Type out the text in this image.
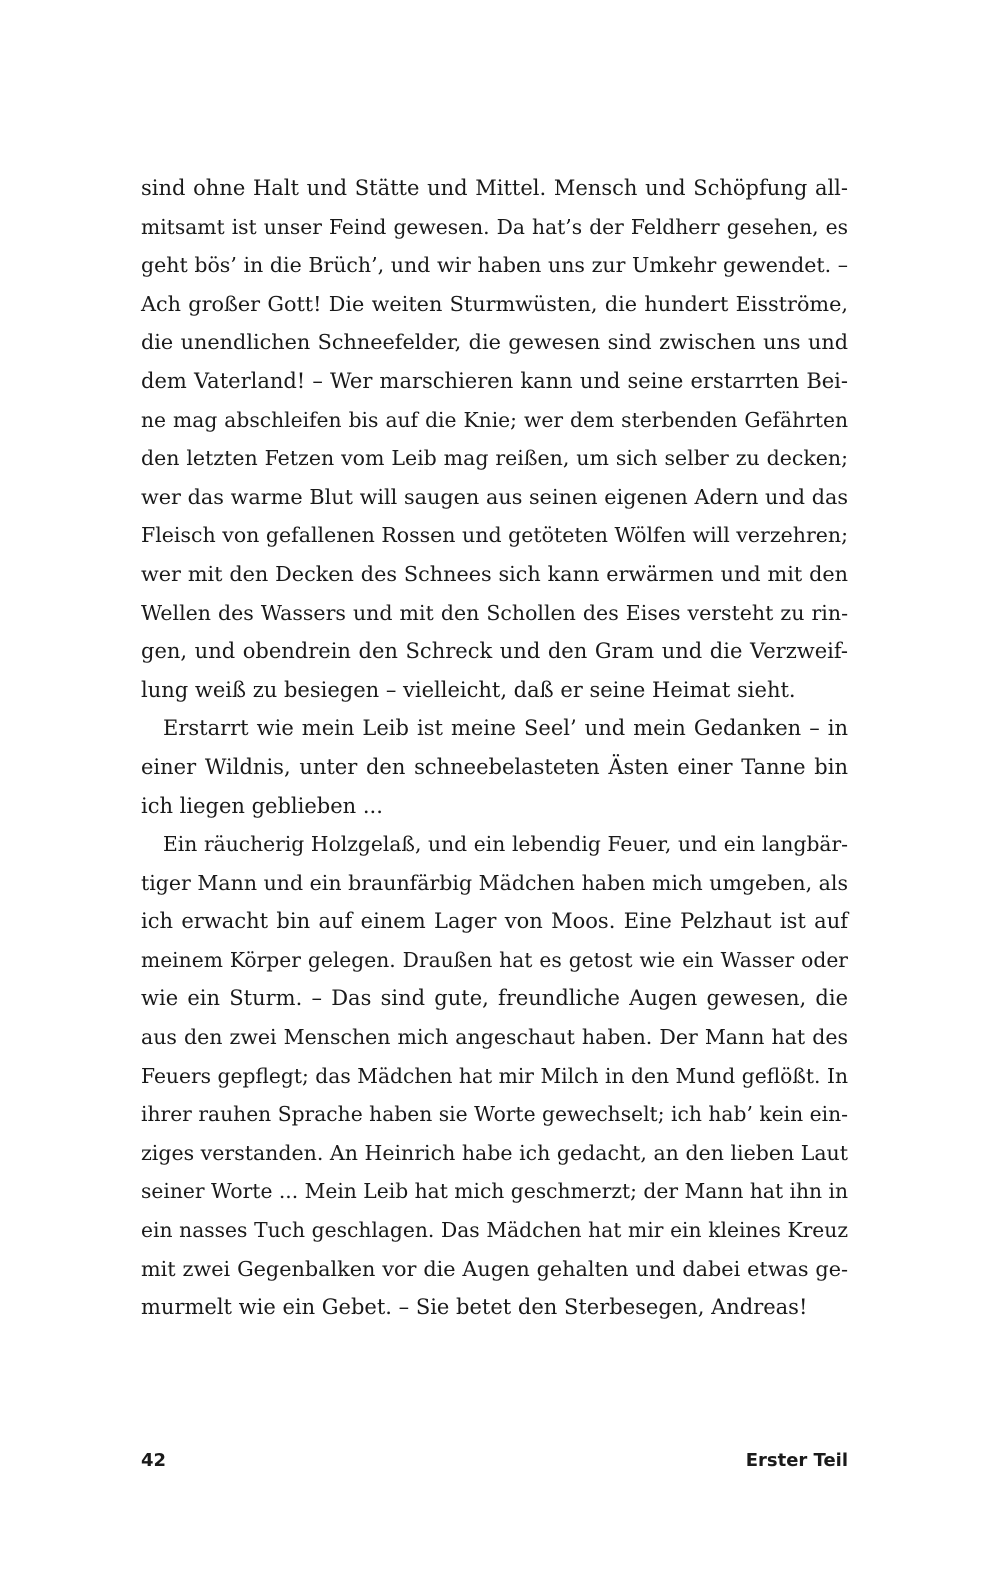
sind ohne Halt und Stätte und Mittel. Mensch und Schöpfung all-
mitsamt ist unser Feind gewesen. Da hat’s der Feldherr gesehen, es
geht bös’ in die Brüch’, und wir haben uns zur Umkehr gewendet. –
Ach großer Gott! Die weiten Sturmwüsten, die hundert Eisströme,
die unendlichen Schneefelder, die gewesen sind zwischen uns und
dem Vaterland! – Wer marschieren kann und seine erstarrten Bei-
ne mag abschleifen bis auf die Knie; wer dem sterbenden Gefährten
den letzten Fetzen vom Leib mag reißen, um sich selber zu decken;
wer das warme Blut will saugen aus seinen eigenen Adern und das
Fleisch von gefallenen Rossen und getöteten Wölfen will verzehren;
wer mit den Decken des Schnees sich kann erwärmen und mit den
Wellen des Wassers und mit den Schollen des Eises versteht zu rin-
gen, und obendrein den Schreck und den Gram und die Verzweif-
lung weiß zu besiegen – vielleicht, daß er seine Heimat sieht.
Erstarrt wie mein Leib ist meine Seel’ und mein Gedanken – in
einer Wildnis, unter den schneebelasteten Ästen einer Tanne bin
ich liegen geblieben ...
Ein räucherig Holzgelaß, und ein lebendig Feuer, und ein langbär-
tiger Mann und ein braunfärbig Mädchen haben mich umgeben, als
ich erwacht bin auf einem Lager von Moos. Eine Pelzhaut ist auf
meinem Körper gelegen. Draußen hat es getost wie ein Wasser oder
wie ein Sturm. – Das sind gute, freundliche Augen gewesen, die
aus den zwei Menschen mich angeschaut haben. Der Mann hat des
Feuers gepflegt; das Mädchen hat mir Milch in den Mund geflößt. In
ihrer rauhen Sprache haben sie Worte gewechselt; ich hab’ kein ein-
ziges verstanden. An Heinrich habe ich gedacht, an den lieben Laut
seiner Worte ... Mein Leib hat mich geschmerzt; der Mann hat ihn in
ein nasses Tuch geschlagen. Das Mädchen hat mir ein kleines Kreuz
mit zwei Gegenbalken vor die Augen gehalten und dabei etwas ge-
murmelt wie ein Gebet. – Sie betet den Sterbesegen, Andreas!
42	Erster Teil
